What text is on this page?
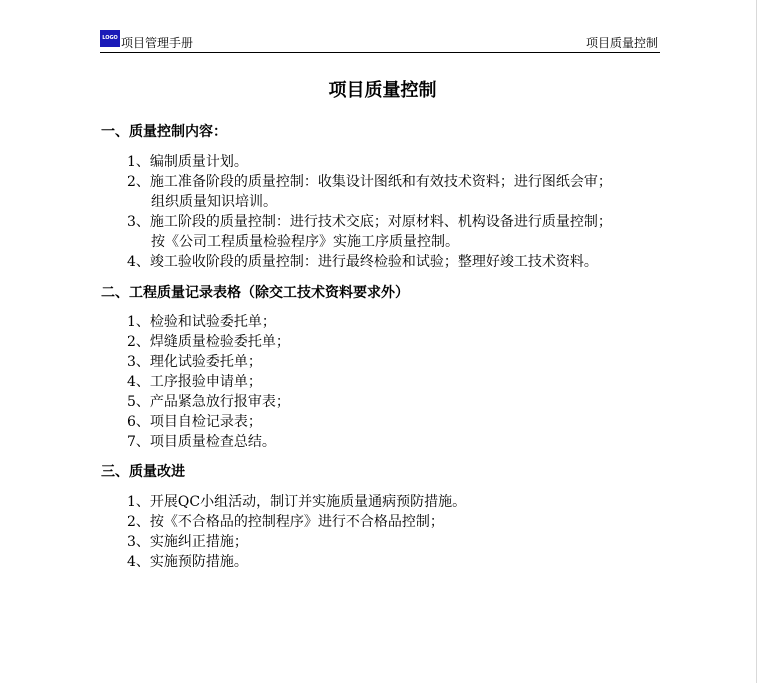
LOGO 项目管理手册	项目质量控制
项目质量控制
一、质量控制内容：
1、编制质量计划。
2、施工准备阶段的质量控制：收集设计图纸和有效技术资料；进行图纸会审；
组织质量知识培训。
3、施工阶段的质量控制：进行技术交底；对原材料、机构设备进行质量控制；
按《公司工程质量检验程序》实施工序质量控制。
4、竣工验收阶段的质量控制：进行最终检验和试验；整理好竣工技术资料。
二、工程质量记录表格（除交工技术资料要求外）
1、检验和试验委托单；
2、焊缝质量检验委托单；
3、理化试验委托单；
4、工序报验申请单；
5、产品紧急放行报审表；
6、项目自检记录表；
7、项目质量检查总结。
三、质量改进
1、开展QC小组活动，制订并实施质量通病预防措施。
2、按《不合格品的控制程序》进行不合格品控制；
3、实施纠正措施；
4、实施预防措施。
